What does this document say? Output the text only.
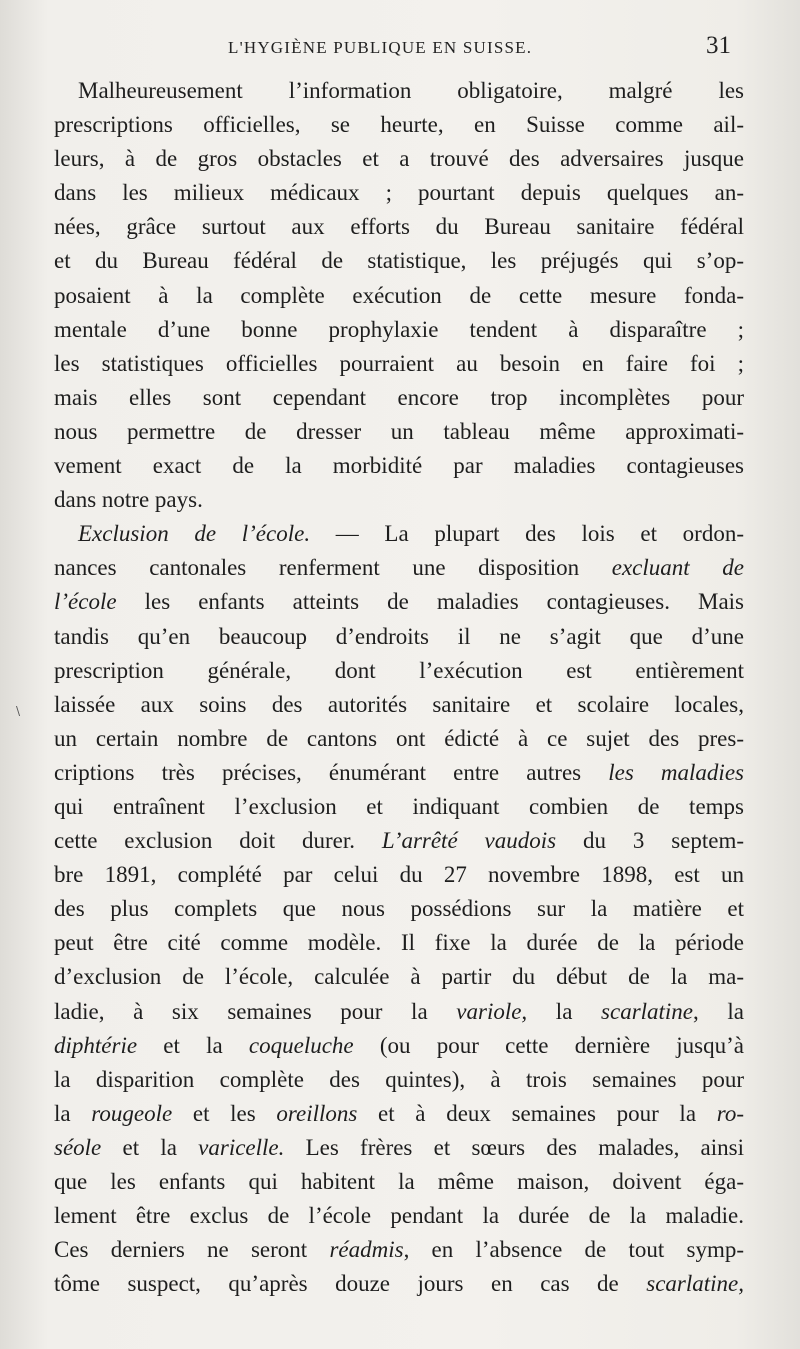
L'HYGIÈNE PUBLIQUE EN SUISSE.	31
\
Malheureusement l’information obligatoire, malgré les
prescriptions officielles, se heurte, en Suisse comme ail-
leurs, à de gros obstacles et a trouvé des adversaires jusque
dans les milieux médicaux ; pourtant depuis quelques an-
nées, grâce surtout aux efforts du Bureau sanitaire fédéral
et du Bureau fédéral de statistique, les préjugés qui s’op-
posaient à la complète exécution de cette mesure fonda-
mentale d’une bonne prophylaxie tendent à disparaître ;
les statistiques officielles pourraient au besoin en faire foi ;
mais elles sont cependant encore trop incomplètes pour
nous permettre de dresser un tableau même approximati-
vement exact de la morbidité par maladies contagieuses
dans notre pays.
Exclusion de l’école. — La plupart des lois et ordon-
nances cantonales renferment une disposition excluant de
l’école les enfants atteints de maladies contagieuses. Mais
tandis qu’en beaucoup d’endroits il ne s’agit que d’une
prescription générale, dont l’exécution est entièrement
laissée aux soins des autorités sanitaire et scolaire locales,
un certain nombre de cantons ont édicté à ce sujet des pres-
criptions très précises, énumérant entre autres les maladies
qui entraînent l’exclusion et indiquant combien de temps
cette exclusion doit durer. L’arrêté vaudois du 3 septem-
bre 1891, complété par celui du 27 novembre 1898, est un
des plus complets que nous possédions sur la matière et
peut être cité comme modèle. Il fixe la durée de la période
d’exclusion de l’école, calculée à partir du début de la ma-
ladie, à six semaines pour la variole, la scarlatine, la
diphtérie et la coqueluche (ou pour cette dernière jusqu’à
la disparition complète des quintes), à trois semaines pour
la rougeole et les oreillons et à deux semaines pour la ro-
séole et la varicelle. Les frères et sœurs des malades, ainsi
que les enfants qui habitent la même maison, doivent éga-
lement être exclus de l’école pendant la durée de la maladie.
Ces derniers ne seront réadmis, en l’absence de tout symp-
tôme suspect, qu’après douze jours en cas de scarlatine,
